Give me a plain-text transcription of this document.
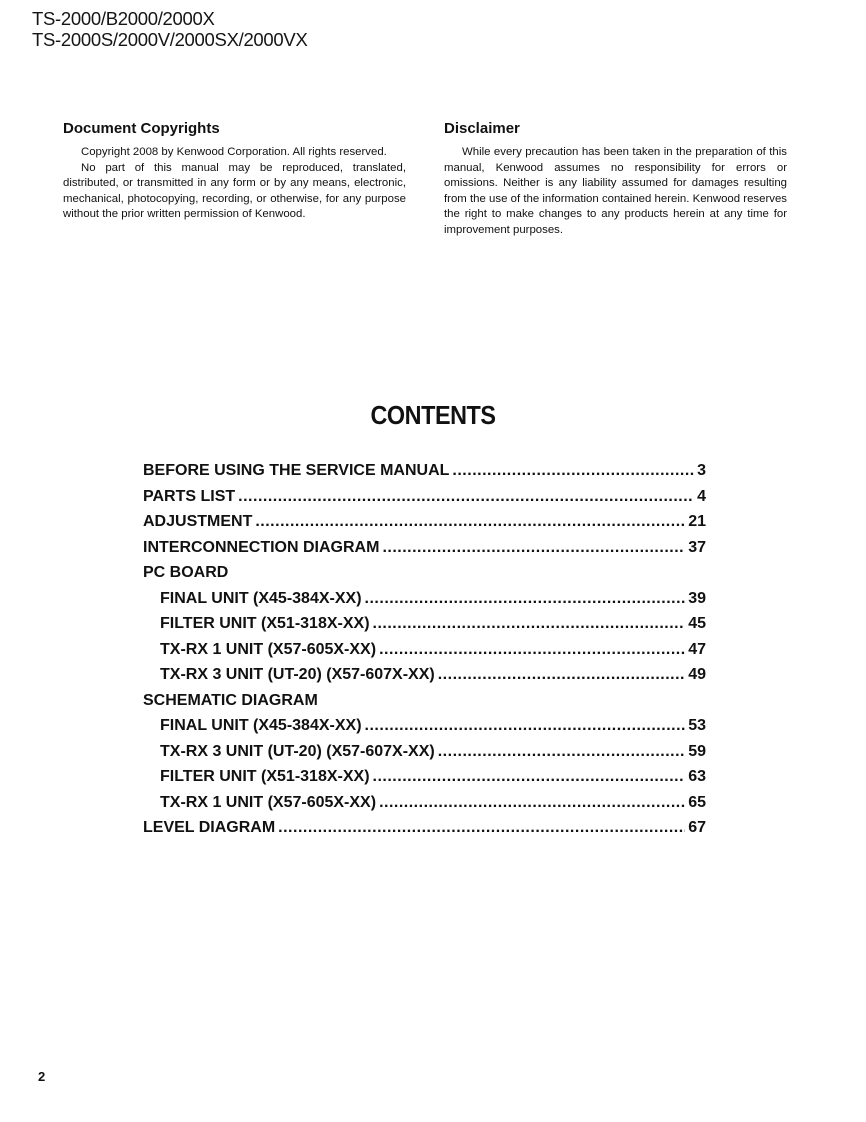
TS-2000/B2000/2000X
TS-2000S/2000V/2000SX/2000VX
Document Copyrights

Copyright 2008 by Kenwood Corporation. All rights reserved.

No part of this manual may be reproduced, translated, distributed, or transmitted in any form or by any means, electronic, mechanical, photocopying, recording, or otherwise, for any purpose without the prior written permission of Kenwood.

Disclaimer

While every precaution has been taken in the preparation of this manual, Kenwood assumes no responsibility for errors or omissions. Neither is any liability assumed for damages resulting from the use of the information contained herein. Kenwood reserves the right to make changes to any products herein at any time for improvement purposes.

CONTENTS
BEFORE USING THE SERVICE MANUAL .....	3
PARTS LIST .....	4
ADJUSTMENT .....	21
INTERCONNECTION DIAGRAM .....	37
PC BOARD
FINAL UNIT (X45-384X-XX) .....	39
FILTER UNIT (X51-318X-XX) .....	45
TX-RX 1 UNIT (X57-605X-XX) .....	47
TX-RX 3 UNIT (UT-20) (X57-607X-XX) .....	49
SCHEMATIC DIAGRAM
FINAL UNIT (X45-384X-XX) .....	53
TX-RX 3 UNIT (UT-20) (X57-607X-XX) .....	59
FILTER UNIT (X51-318X-XX) .....	63
TX-RX 1 UNIT (X57-605X-XX) .....	65
LEVEL DIAGRAM .....	67
2
